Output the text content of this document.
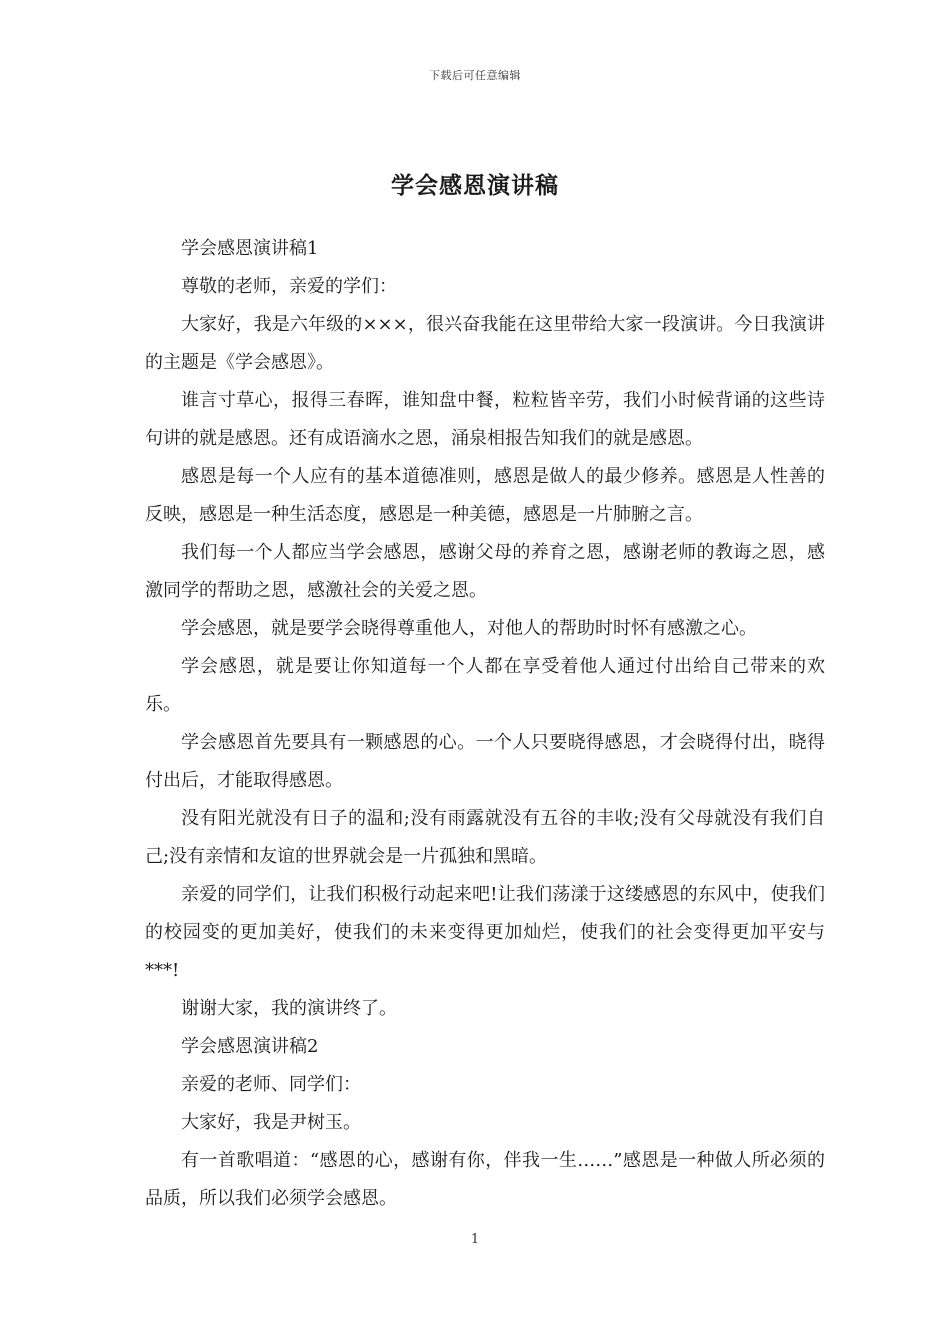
下载后可任意编辑
学会感恩演讲稿

学会感恩演讲稿1

尊敬的老师，亲爱的学们：

大家好，我是六年级的×××，很兴奋我能在这里带给大家一段演讲。今日我演讲的主题是《学会感恩》。

谁言寸草心，报得三春晖，谁知盘中餐，粒粒皆辛劳，我们小时候背诵的这些诗句讲的就是感恩。还有成语滴水之恩，涌泉相报告知我们的就是感恩。

感恩是每一个人应有的基本道德准则，感恩是做人的最少修养。感恩是人性善的反映，感恩是一种生活态度，感恩是一种美德，感恩是一片肺腑之言。

我们每一个人都应当学会感恩，感谢父母的养育之恩，感谢老师的教诲之恩，感激同学的帮助之恩，感激社会的关爱之恩。

学会感恩，就是要学会晓得尊重他人，对他人的帮助时时怀有感激之心。

学会感恩，就是要让你知道每一个人都在享受着他人通过付出给自己带来的欢乐。

学会感恩首先要具有一颗感恩的心。一个人只要晓得感恩，才会晓得付出，晓得付出后，才能取得感恩。

没有阳光就没有日子的温和;没有雨露就没有五谷的丰收;没有父母就没有我们自己;没有亲情和友谊的世界就会是一片孤独和黑暗。

亲爱的同学们，让我们积极行动起来吧!让我们荡漾于这缕感恩的东风中，使我们的校园变的更加美好，使我们的未来变得更加灿烂，使我们的社会变得更加平安与***!

谢谢大家，我的演讲终了。

学会感恩演讲稿2

亲爱的老师、同学们：

大家好，我是尹树玉。

有一首歌唱道：“感恩的心，感谢有你，伴我一生……”感恩是一种做人所必须的品质，所以我们必须学会感恩。

1
